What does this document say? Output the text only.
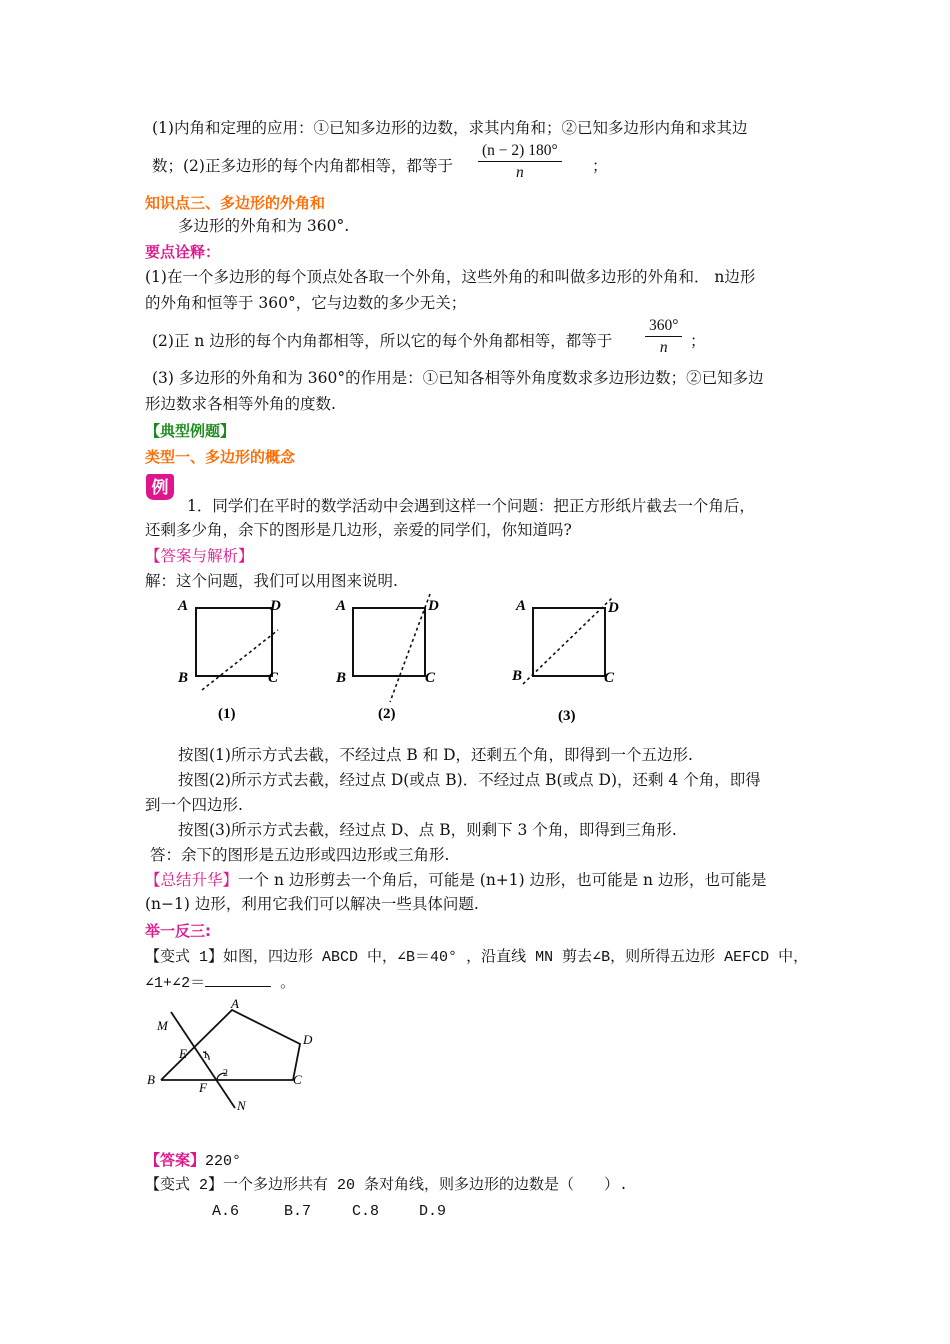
(1)内角和定理的应用：①已知多边形的边数，求其内角和；②已知多边形内角和求其边
数；(2)正多边形的每个内角都相等，都等于 $\frac{(n - 2) 180^\circ}{n}$ ；
知识点三、多边形的外角和
多边形的外角和为 360°.
要点诠释：
(1)在一个多边形的每个顶点处各取一个外角，这些外角的和叫做多边形的外角和． n边形
的外角和恒等于 360°，它与边数的多少无关；
(2)正 n 边形的每个内角都相等，所以它的每个外角都相等，都等于 $\frac{360^\circ}{n}$ ；
(3) 多边形的外角和为 360°的作用是：①已知各相等外角度数求多边形边数；②已知多边
形边数求各相等外角的度数.
【典型例题】
类型一、多边形的概念
例
1．同学们在平时的数学活动中会遇到这样一个问题：把正方形纸片截去一个角后，
还剩多少角，余下的图形是几边形，亲爱的同学们，你知道吗?
【答案与解析】
解：这个问题，我们可以用图来说明.
A	D
B	C
(1)
A	D
B	C
(2)
A	D
B	C
(3)
按图(1)所示方式去截，不经过点 B 和 D，还剩五个角，即得到一个五边形.
按图(2)所示方式去截，经过点 D(或点 B)．不经过点 B(或点 D)，还剩 4 个角，即得
到一个四边形.
按图(3)所示方式去截，经过点 D、点 B，则剩下 3 个角，即得到三角形.
答：余下的图形是五边形或四边形或三角形.
【总结升华】一个 n 边形剪去一个角后，可能是 (n+1) 边形，也可能是 n 边形，也可能是
(n−1) 边形，利用它我们可以解决一些具体问题.
举一反三:
【变式 1】如图，四边形 ABCD 中，∠B＝40° ，沿直线 MN 剪去∠B，则所得五边形 AEFCD 中，
∠1+∠2＝	。
M
A
E 1
D
B
F
2	C
N
【答案】220°
【变式 2】一个多边形共有 20 条对角线，则多边形的边数是（　　）.
A.6	B.7	C.8	D.9
